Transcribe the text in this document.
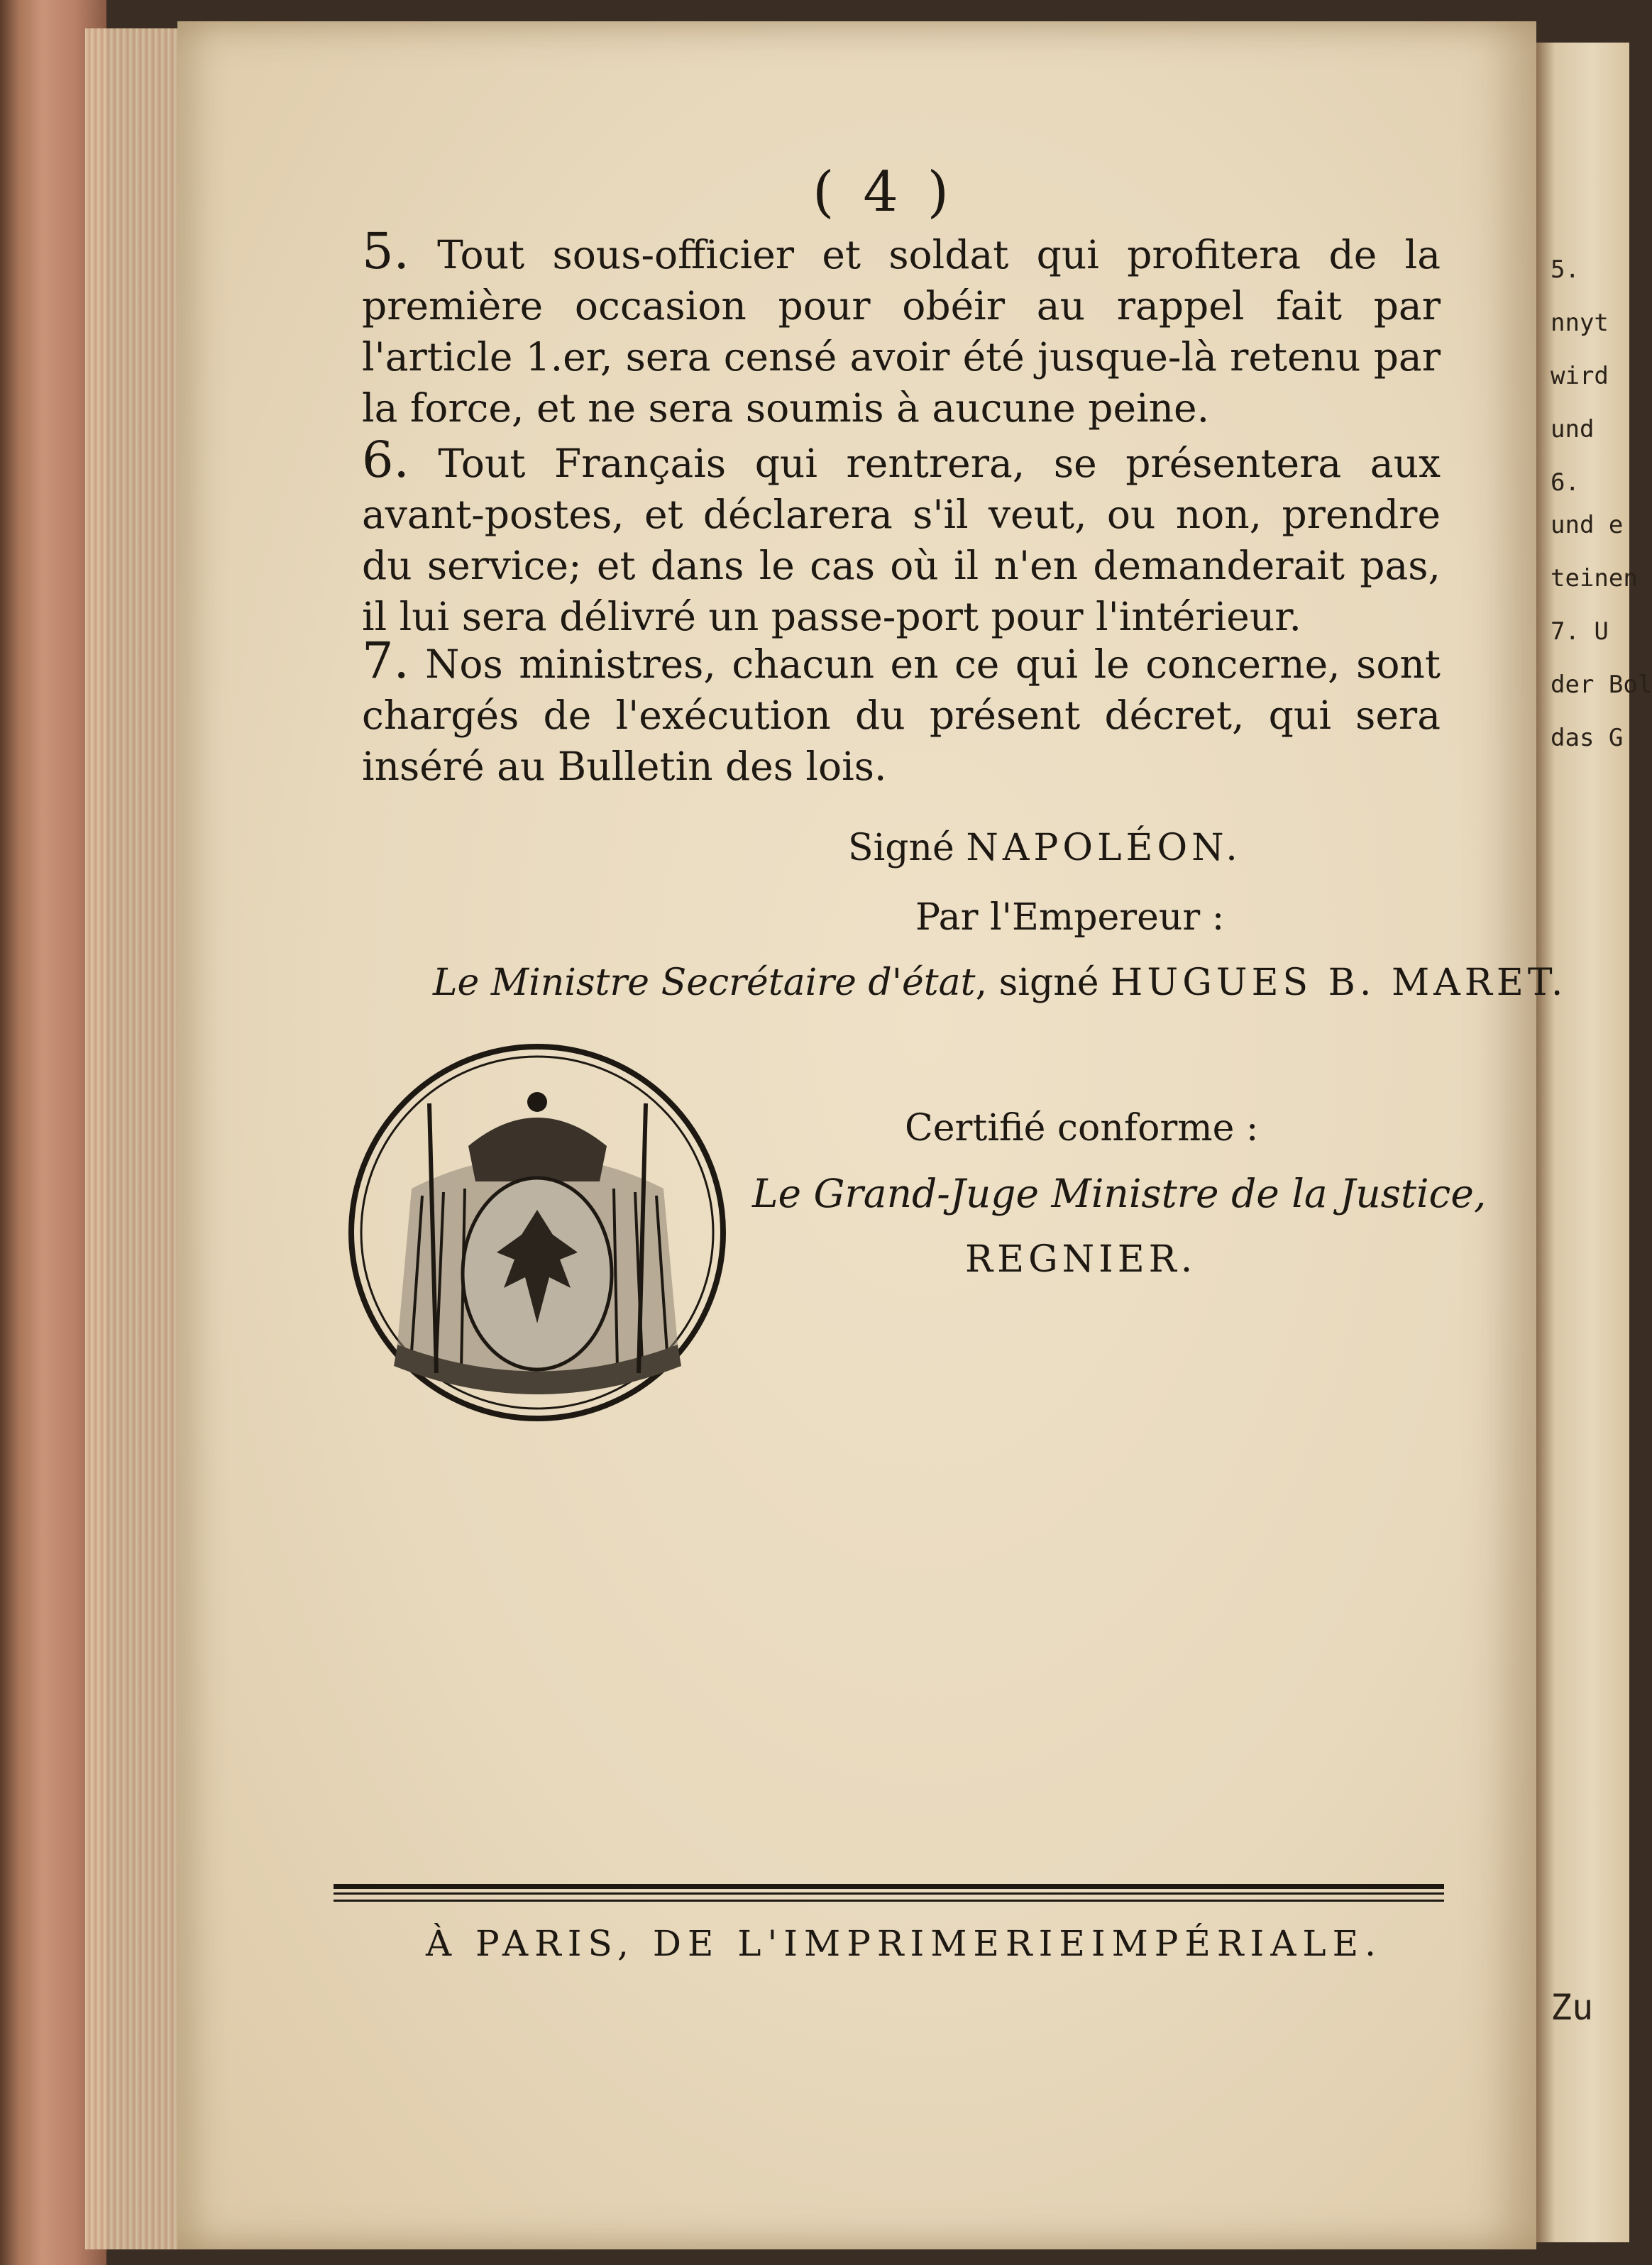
5.
nnyt
wird
und
6.
und e
teinen
7. U
der Bol
das G
Zu
( 4 )
5. Tout sous-officier et soldat qui profitera de la première occasion pour obéir au rappel fait par l'article 1.er, sera censé avoir été jusque-là retenu par la force, et ne sera soumis à aucune peine.
6. Tout Français qui rentrera, se présentera aux avant-postes, et déclarera s'il veut, ou non, prendre du service; et dans le cas où il n'en demanderait pas, il lui sera délivré un passe-port pour l'intérieur.
7. Nos ministres, chacun en ce qui le concerne, sont chargés de l'exécution du présent décret, qui sera inséré au Bulletin des lois.
Signé NAPOLÉON.
Par l'Empereur :
Le Ministre Secrétaire d'état, signé HUGUES B. MARET.
Certifié conforme :
Le Grand-Juge Ministre de la Justice,
REGNIER.
À PARIS, DE L'IMPRIMERIEIMPÉRIALE.
